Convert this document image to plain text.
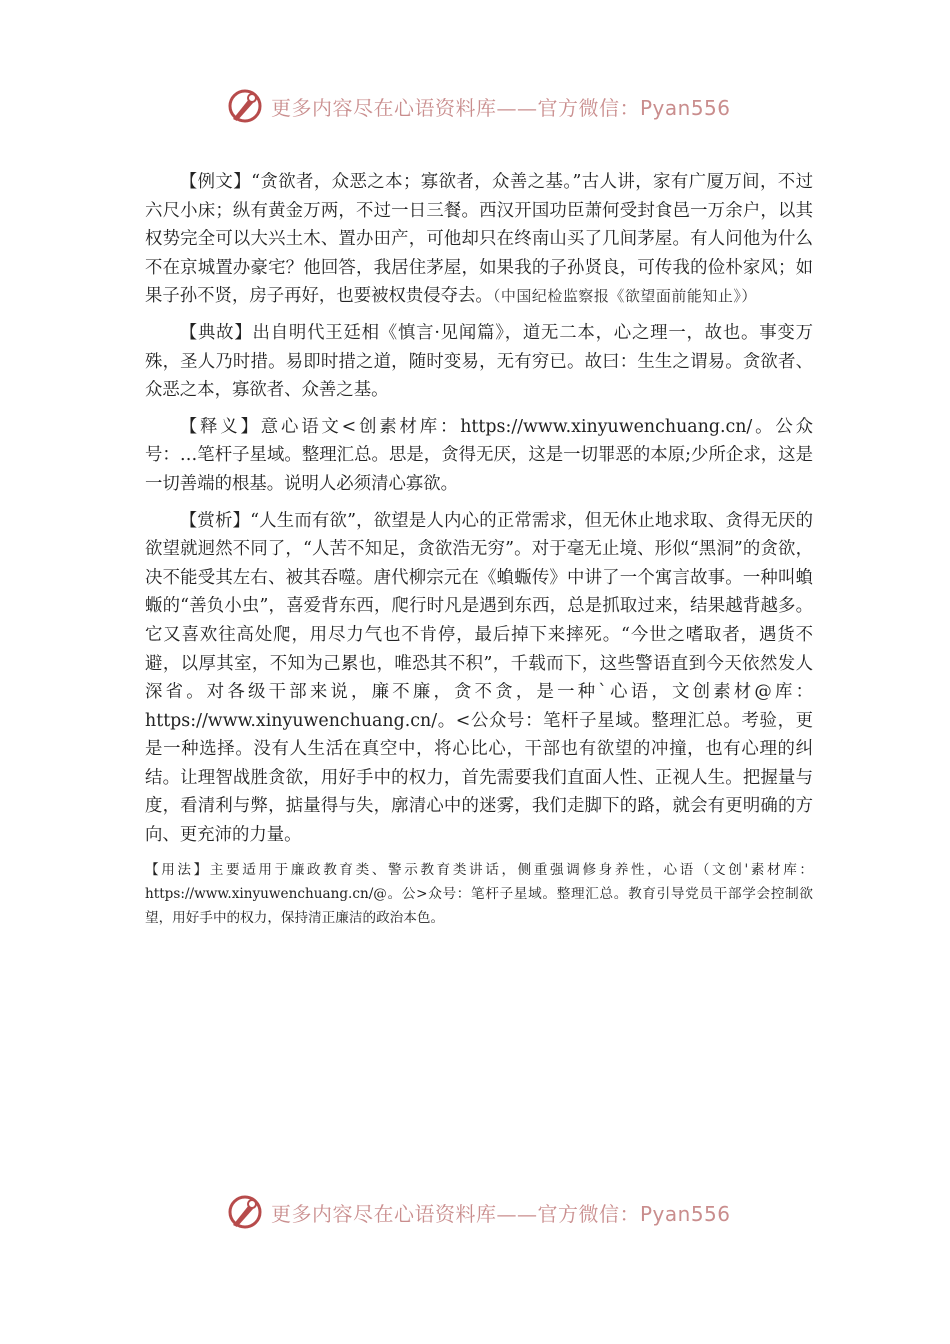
更多内容尽在心语资料库——官方微信：Pyan556

【例文】“贪欲者，众恶之本；寡欲者，众善之基。”古人讲，家有广厦万间，不过六尺小床；纵有黄金万两，不过一日三餐。西汉开国功臣萧何受封食邑一万余户，以其权势完全可以大兴土木、置办田产，可他却只在终南山买了几间茅屋。有人问他为什么不在京城置办豪宅？他回答，我居住茅屋，如果我的子孙贤良，可传我的俭朴家风；如果子孙不贤，房子再好，也要被权贵侵夺去。（中国纪检监察报《欲望面前能知止》）

【典故】出自明代王廷相《慎言·见闻篇》，道无二本，心之理一，故也。事变万殊，圣人乃时措。易即时措之道，随时变易，无有穷已。故曰：生生之谓易。贪欲者、众恶之本，寡欲者、众善之基。

【释义】意心语文<创素材库：https://www.xinyuwenchuang.cn/。公众号：…笔杆子星域。整理汇总。思是，贪得无厌，这是一切罪恶的本原;少所企求，这是一切善端的根基。说明人必须清心寡欲。

【赏析】“人生而有欲”，欲望是人内心的正常需求，但无休止地求取、贪得无厌的欲望就迥然不同了，“人苦不知足，贪欲浩无穷”。对于毫无止境、形似“黑洞”的贪欲，决不能受其左右、被其吞噬。唐代柳宗元在《蝜蝂传》中讲了一个寓言故事。一种叫蝜蝂的“善负小虫”，喜爱背东西，爬行时凡是遇到东西，总是抓取过来，结果越背越多。它又喜欢往高处爬，用尽力气也不肯停，最后掉下来摔死。“今世之嗜取者，遇货不避，以厚其室，不知为己累也，唯恐其不积”，千载而下，这些警语直到今天依然发人深省。对各级干部来说，廉不廉，贪不贪，是一种`心语，文创素材@库：https://www.xinyuwenchuang.cn/。<公众号：笔杆子星域。整理汇总。考验，更是一种选择。没有人生活在真空中，将心比心，干部也有欲望的冲撞，也有心理的纠结。让理智战胜贪欲，用好手中的权力，首先需要我们直面人性、正视人生。把握量与度，看清利与弊，掂量得与失，廓清心中的迷雾，我们走脚下的路，就会有更明确的方向、更充沛的力量。

【用法】主要适用于廉政教育类、警示教育类讲话，侧重强调修身养性，心语（文创'素材库：https://www.xinyuwenchuang.cn/@。公>众号：笔杆子星域。整理汇总。教育引导党员干部学会控制欲望，用好手中的权力，保持清正廉洁的政治本色。

更多内容尽在心语资料库——官方微信：Pyan556
